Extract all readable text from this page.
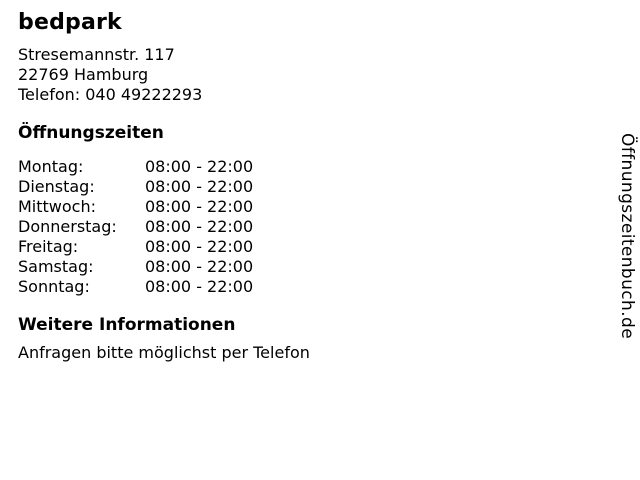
bedpark
Stresemannstr. 117
22769 Hamburg
Telefon: 040 49222293
Öffnungszeiten
Montag:	08:00 - 22:00
Dienstag:	08:00 - 22:00
Mittwoch:	08:00 - 22:00
Donnerstag:	08:00 - 22:00
Freitag:	08:00 - 22:00
Samstag:	08:00 - 22:00
Sonntag:	08:00 - 22:00
Weitere Informationen
Anfragen bitte möglichst per Telefon
Öffnungszeitenbuch.de
